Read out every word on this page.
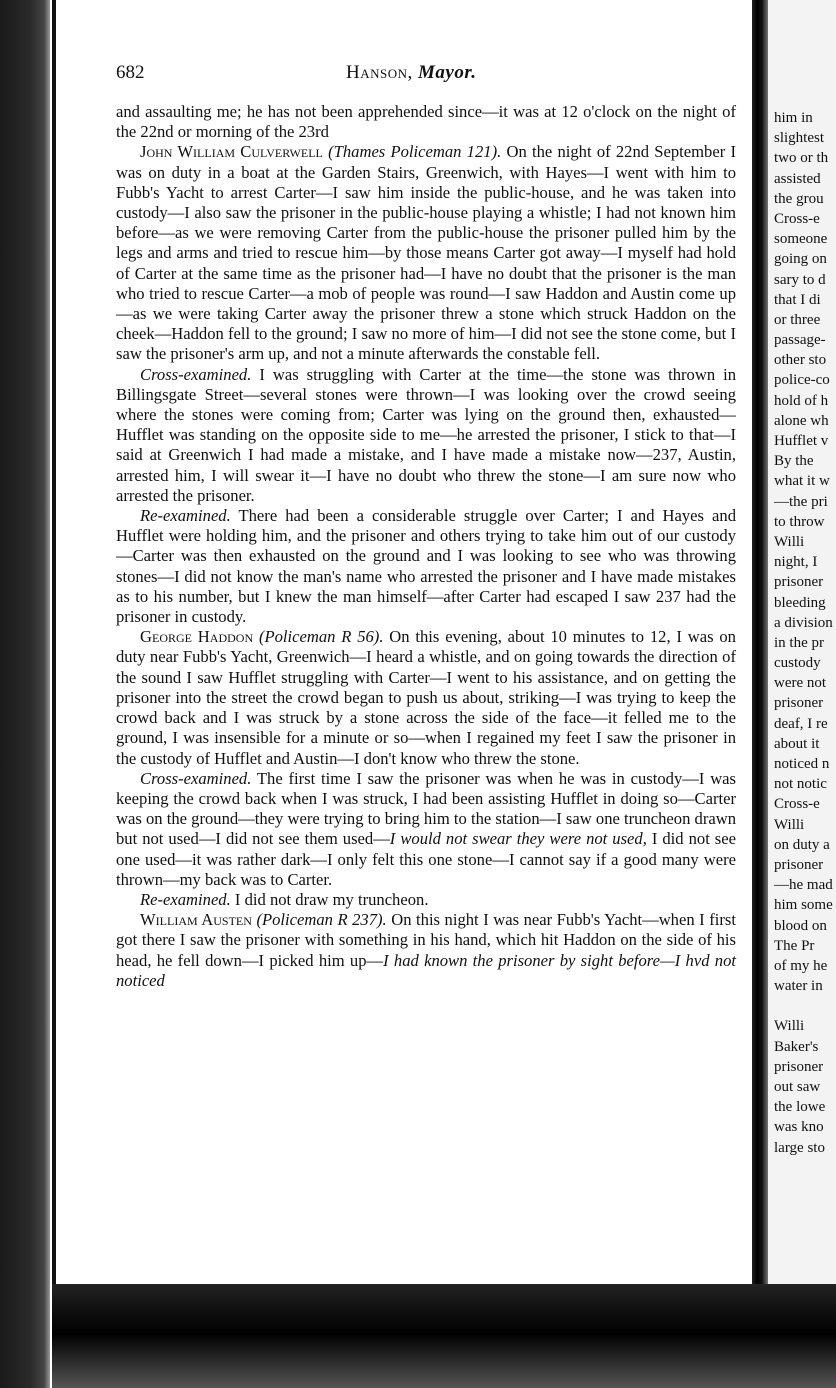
682	Hanson, Mayor.

and assaulting me; he has not been apprehended since—it was at 12 o'clock on the night of the 22nd or morning of the 23rd

John William Culverwell (Thames Policeman 121). On the night of 22nd September I was on duty in a boat at the Garden Stairs, Greenwich, with Hayes—I went with him to Fubb's Yacht to arrest Carter—I saw him inside the public-house, and he was taken into custody—I also saw the prisoner in the public-house playing a whistle; I had not known him before—as we were removing Carter from the public-house the prisoner pulled him by the legs and arms and tried to rescue him—by those means Carter got away—I myself had hold of Carter at the same time as the prisoner had—I have no doubt that the prisoner is the man who tried to rescue Carter—a mob of people was round—I saw Haddon and Austin come up—as we were taking Carter away the prisoner threw a stone which struck Haddon on the cheek—Haddon fell to the ground; I saw no more of him—I did not see the stone come, but I saw the prisoner's arm up, and not a minute afterwards the constable fell.

Cross-examined. I was struggling with Carter at the time—the stone was thrown in Billingsgate Street—several stones were thrown—I was looking over the crowd seeing where the stones were coming from; Carter was lying on the ground then, exhausted—Hufflet was standing on the opposite side to me—he arrested the prisoner, I stick to that—I said at Greenwich I had made a mistake, and I have made a mistake now—237, Austin, arrested him, I will swear it—I have no doubt who threw the stone—I am sure now who arrested the prisoner.

Re-examined. There had been a considerable struggle over Carter; I and Hayes and Hufflet were holding him, and the prisoner and others trying to take him out of our custody—Carter was then exhausted on the ground and I was looking to see who was throwing stones—I did not know the man's name who arrested the prisoner and I have made mistakes as to his number, but I knew the man himself—after Carter had escaped I saw 237 had the prisoner in custody.

George Haddon (Policeman R 56). On this evening, about 10 minutes to 12, I was on duty near Fubb's Yacht, Greenwich—I heard a whistle, and on going towards the direction of the sound I saw Hufflet struggling with Carter—I went to his assistance, and on getting the prisoner into the street the crowd began to push us about, striking—I was trying to keep the crowd back and I was struck by a stone across the side of the face—it felled me to the ground, I was insensible for a minute or so—when I regained my feet I saw the prisoner in the custody of Hufflet and Austin—I don't know who threw the stone.

Cross-examined. The first time I saw the prisoner was when he was in custody—I was keeping the crowd back when I was struck, I had been assisting Hufflet in doing so—Carter was on the ground—they were trying to bring him to the station—I saw one truncheon drawn but not used—I did not see them used—I would not swear they were not used, I did not see one used—it was rather dark—I only felt this one stone—I cannot say if a good many were thrown—my back was to Carter.

Re-examined. I did not draw my truncheon.

William Austen (Policeman R 237). On this night I was near Fubb's Yacht—when I first got there I saw the prisoner with something in his hand, which hit Haddon on the side of his head, he fell down—I picked him up—I had known the prisoner by sight before—I hvd not noticed

him in
slightest
two or th
assisted
the grou
Cross-e
someone
going on
sary to d
that I di
or three
passage-
other sto
police-co
hold of h
alone wh
Hufflet v
By the
what it w
—the pri
to throw
Willi
night, I
prisoner
bleeding
a division
in the pr
custody
were not
prisoner
deaf, I re
about it
noticed n
not notic
Cross-e
Willi
on duty a
prisoner
—he mad
him some
blood on
The Pr
of my he
water in
Willi
Baker's
prisoner
out saw
the lowe
was kno
large sto
